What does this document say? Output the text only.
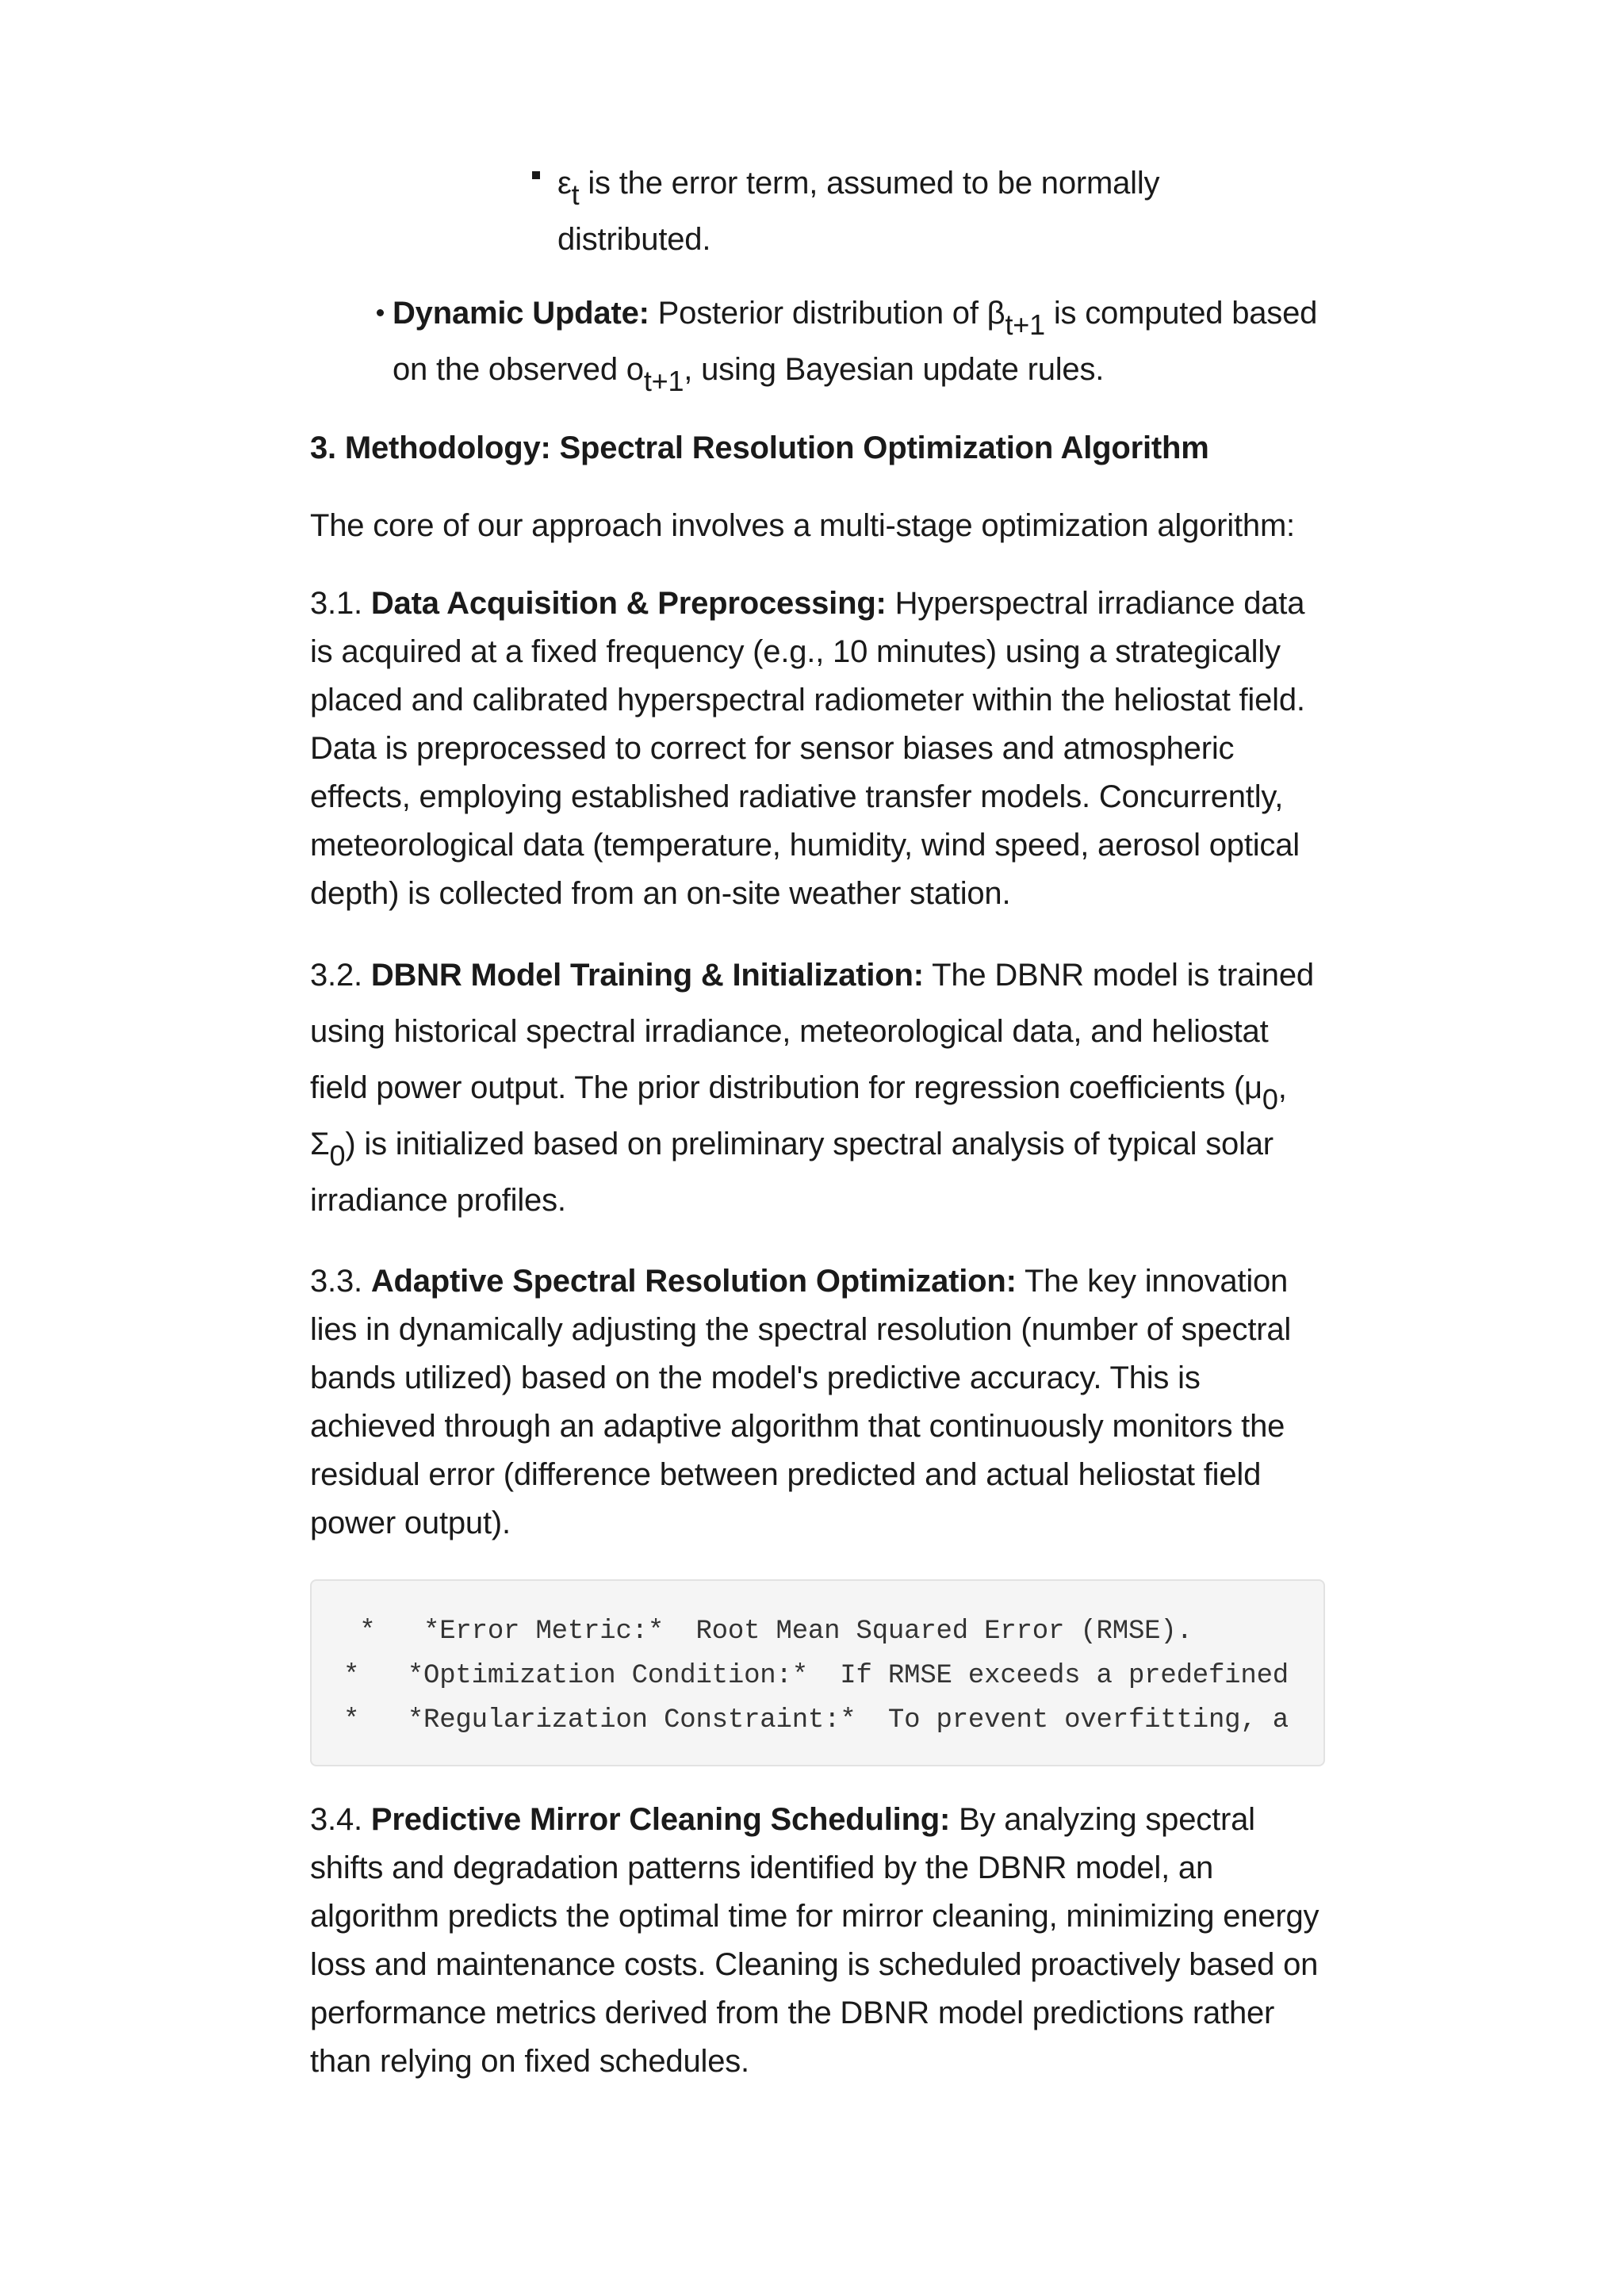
$\varepsilon_t$ is the error term, assumed to be normally distributed.
Dynamic Update: Posterior distribution of $\beta_{t+1}$ is computed based on the observed $o_{t+1}$, using Bayesian update rules.

3. Methodology: Spectral Resolution Optimization Algorithm

The core of our approach involves a multi-stage optimization algorithm:

3.1. Data Acquisition & Preprocessing: Hyperspectral irradiance data is acquired at a fixed frequency (e.g., 10 minutes) using a strategically placed and calibrated hyperspectral radiometer within the heliostat field. Data is preprocessed to correct for sensor biases and atmospheric effects, employing established radiative transfer models. Concurrently, meteorological data (temperature, humidity, wind speed, aerosol optical depth) is collected from an on-site weather station.

3.2. DBNR Model Training & Initialization: The DBNR model is trained using historical spectral irradiance, meteorological data, and heliostat field power output. The prior distribution for regression coefficients ($\mu_0$, $\Sigma_0$) is initialized based on preliminary spectral analysis of typical solar irradiance profiles.

3.3. Adaptive Spectral Resolution Optimization: The key innovation lies in dynamically adjusting the spectral resolution (number of spectral bands utilized) based on the model's predictive accuracy. This is achieved through an adaptive algorithm that continuously monitors the residual error (difference between predicted and actual heliostat field power output).

*   *Error Metric:*  Root Mean Squared Error (RMSE).
*   *Optimization Condition:*  If RMSE exceeds a predefined
*   *Regularization Constraint:*  To prevent overfitting, a

3.4. Predictive Mirror Cleaning Scheduling: By analyzing spectral shifts and degradation patterns identified by the DBNR model, an algorithm predicts the optimal time for mirror cleaning, minimizing energy loss and maintenance costs. Cleaning is scheduled proactively based on performance metrics derived from the DBNR model predictions rather than relying on fixed schedules.
